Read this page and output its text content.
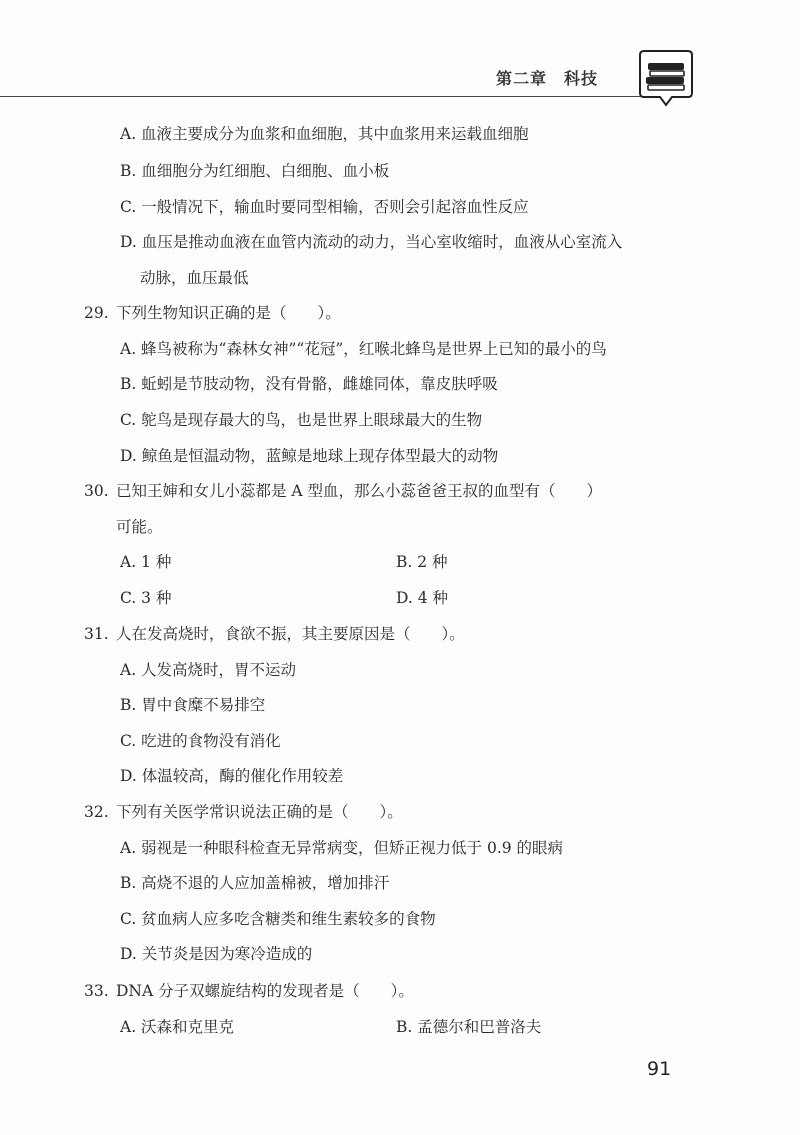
第二章　科技
A. 血液主要成分为血浆和血细胞，其中血浆用来运载血细胞
B. 血细胞分为红细胞、白细胞、血小板
C. 一般情况下，输血时要同型相输，否则会引起溶血性反应
D. 血压是推动血液在血管内流动的动力，当心室收缩时，血液从心室流入
动脉，血压最低
29. 下列生物知识正确的是（　　）。
A. 蜂鸟被称为“森林女神”“花冠”，红喉北蜂鸟是世界上已知的最小的鸟
B. 蚯蚓是节肢动物，没有骨骼，雌雄同体，靠皮肤呼吸
C. 鸵鸟是现存最大的鸟，也是世界上眼球最大的生物
D. 鲸鱼是恒温动物，蓝鲸是地球上现存体型最大的动物
30. 已知王婶和女儿小蕊都是 A 型血，那么小蕊爸爸王叔的血型有（　　）
可能。
A. 1 种	B. 2 种
C. 3 种	D. 4 种
31. 人在发高烧时，食欲不振，其主要原因是（　　）。
A. 人发高烧时，胃不运动
B. 胃中食糜不易排空
C. 吃进的食物没有消化
D. 体温较高，酶的催化作用较差
32. 下列有关医学常识说法正确的是（　　）。
A. 弱视是一种眼科检查无异常病变，但矫正视力低于 0.9 的眼病
B. 高烧不退的人应加盖棉被，增加排汗
C. 贫血病人应多吃含糖类和维生素较多的食物
D. 关节炎是因为寒冷造成的
33. DNA 分子双螺旋结构的发现者是（　　）。
A. 沃森和克里克	B. 孟德尔和巴普洛夫
91
